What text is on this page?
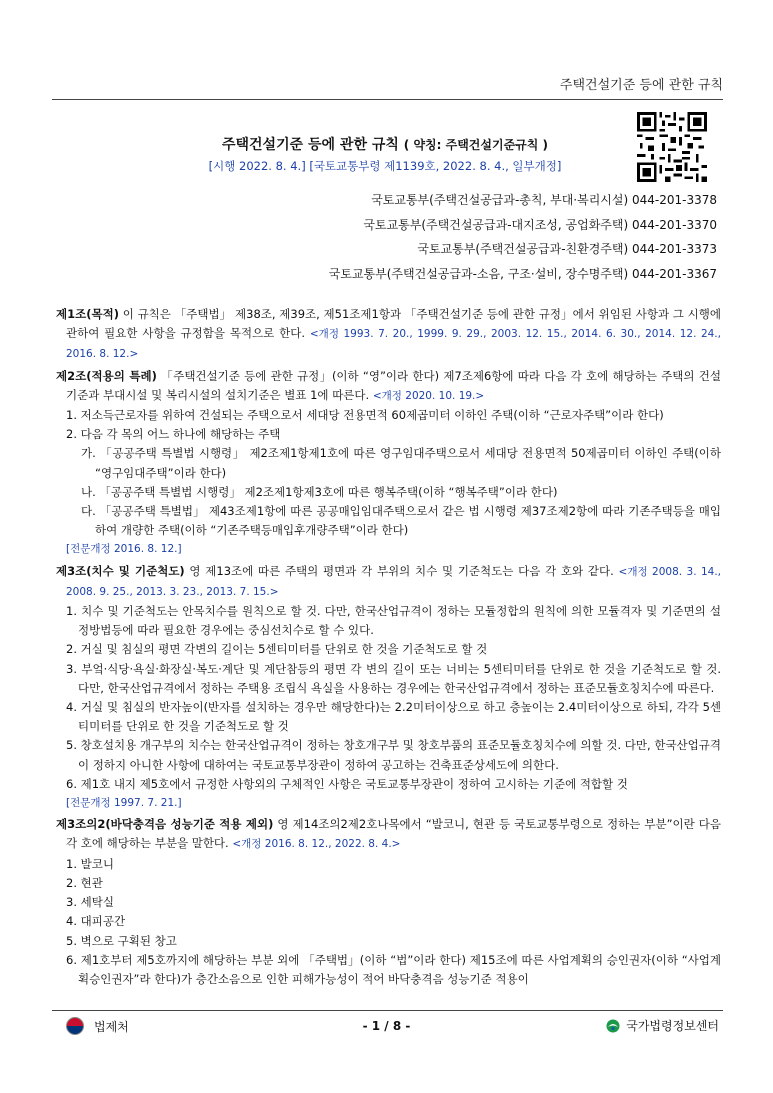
주택건설기준 등에 관한 규칙
주택건설기준 등에 관한 규칙 ( 약칭: 주택건설기준규칙 )
[시행 2022. 8. 4.] [국토교통부령 제1139호, 2022. 8. 4., 일부개정]
국토교통부(주택건설공급과-총칙, 부대·복리시설) 044-201-3378
국토교통부(주택건설공급과-대지조성, 공업화주택) 044-201-3370
국토교통부(주택건설공급과-친환경주택) 044-201-3373
국토교통부(주택건설공급과-소음, 구조·설비, 장수명주택) 044-201-3367
제1조(목적) 이 규칙은 「주택법」 제38조, 제39조, 제51조제1항과 「주택건설기준 등에 관한 규정」에서 위임된 사항과 그 시행에 관하여 필요한 사항을 규정함을 목적으로 한다. <개정 1993. 7. 20., 1999. 9. 29., 2003. 12. 15., 2014. 6. 30., 2014. 12. 24., 2016. 8. 12.>
제2조(적용의 특례) 「주택건설기준 등에 관한 규정」(이하 “영”이라 한다) 제7조제6항에 따라 다음 각 호에 해당하는 주택의 건설기준과 부대시설 및 복리시설의 설치기준은 별표 1에 따른다. <개정 2020. 10. 19.>
1. 저소득근로자를 위하여 건설되는 주택으로서 세대당 전용면적 60제곱미터 이하인 주택(이하 “근로자주택”이라 한다)
2. 다음 각 목의 어느 하나에 해당하는 주택
가. 「공공주택 특별법 시행령」 제2조제1항제1호에 따른 영구임대주택으로서 세대당 전용면적 50제곱미터 이하인 주택(이하 “영구임대주택”이라 한다)
나. 「공공주택 특별법 시행령」 제2조제1항제3호에 따른 행복주택(이하 “행복주택”이라 한다)
다. 「공공주택 특별법」 제43조제1항에 따른 공공매입임대주택으로서 같은 법 시행령 제37조제2항에 따라 기존주택등을 매입하여 개량한 주택(이하 “기존주택등매입후개량주택”이라 한다)
[전문개정 2016. 8. 12.]
제3조(치수 및 기준척도) 영 제13조에 따른 주택의 평면과 각 부위의 치수 및 기준척도는 다음 각 호와 같다. <개정 2008. 3. 14., 2008. 9. 25., 2013. 3. 23., 2013. 7. 15.>
1. 치수 및 기준척도는 안목치수를 원칙으로 할 것. 다만, 한국산업규격이 정하는 모듈정합의 원칙에 의한 모듈격자 및 기준면의 설정방법등에 따라 필요한 경우에는 중심선치수로 할 수 있다.
2. 거실 및 침실의 평면 각변의 길이는 5센티미터를 단위로 한 것을 기준척도로 할 것
3. 부엌·식당·욕실·화장실·복도·계단 및 계단참등의 평면 각 변의 길이 또는 너비는 5센티미터를 단위로 한 것을 기준척도로 할 것. 다만, 한국산업규격에서 정하는 주택용 조립식 욕실을 사용하는 경우에는 한국산업규격에서 정하는 표준모듈호칭치수에 따른다.
4. 거실 및 침실의 반자높이(반자를 설치하는 경우만 해당한다)는 2.2미터이상으로 하고 층높이는 2.4미터이상으로 하되, 각각 5센티미터를 단위로 한 것을 기준척도로 할 것
5. 창호설치용 개구부의 치수는 한국산업규격이 정하는 창호개구부 및 창호부품의 표준모듈호칭치수에 의할 것. 다만, 한국산업규격이 정하지 아니한 사항에 대하여는 국토교통부장관이 정하여 공고하는 건축표준상세도에 의한다.
6. 제1호 내지 제5호에서 규정한 사항외의 구체적인 사항은 국토교통부장관이 정하여 고시하는 기준에 적합할 것
[전문개정 1997. 7. 21.]
제3조의2(바닥충격음 성능기준 적용 제외) 영 제14조의2제2호나목에서 “발코니, 현관 등 국토교통부령으로 정하는 부분”이란 다음 각 호에 해당하는 부분을 말한다. <개정 2016. 8. 12., 2022. 8. 4.>
1. 발코니
2. 현관
3. 세탁실
4. 대피공간
5. 벽으로 구획된 창고
6. 제1호부터 제5호까지에 해당하는 부분 외에 「주택법」(이하 “법”이라 한다) 제15조에 따른 사업계획의 승인권자(이하 “사업계획승인권자”라 한다)가 층간소음으로 인한 피해가능성이 적어 바닥충격음 성능기준 적용이
- 1 / 8 -
법제처	국가법령정보센터
